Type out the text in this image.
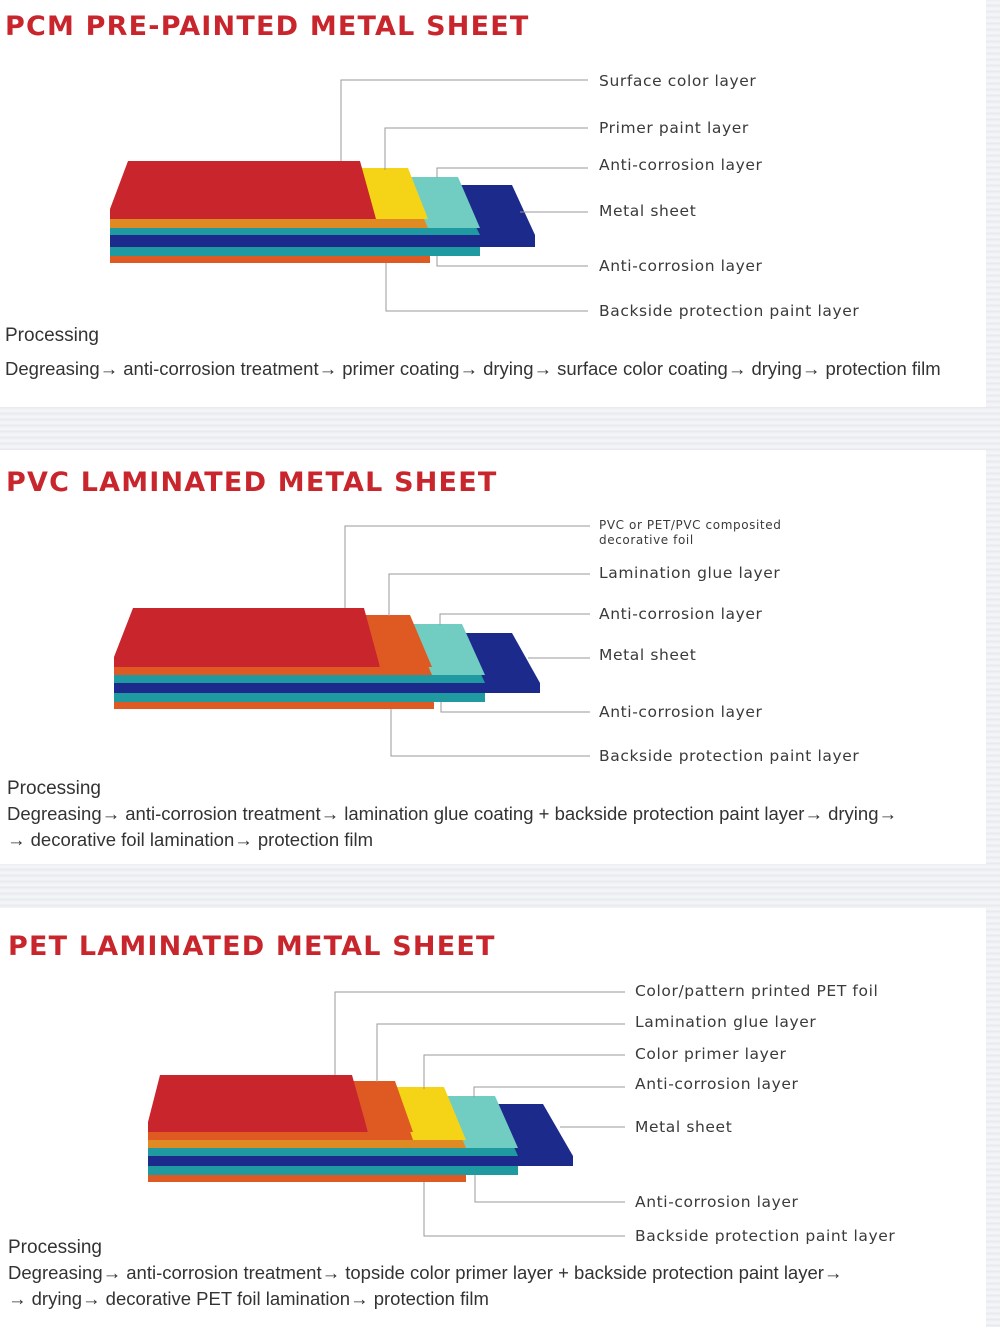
PCM PRE-PAINTED METAL SHEET
Surface color layer
Primer paint layer
Anti-corrosion layer
Metal sheet
Anti-corrosion layer
Backside protection paint layer

Processing

Degreasing→ anti-corrosion treatment→ primer coating→ drying→ surface color coating→ drying→ protection film

PVC LAMINATED METAL SHEET
PVC or PET/PVC composited decorative foil
Lamination glue layer
Anti-corrosion layer
Metal sheet
Anti-corrosion layer
Backside protection paint layer

Processing

Degreasing→ anti-corrosion treatment→ lamination glue coating + backside protection paint layer→ drying→

→ decorative foil lamination→ protection film

PET LAMINATED METAL SHEET
Color/pattern printed PET foil
Lamination glue layer
Color primer layer
Anti-corrosion layer
Metal sheet
Anti-corrosion layer
Backside protection paint layer

Processing

Degreasing→ anti-corrosion treatment→ topside color primer layer + backside protection paint layer→

→ drying→ decorative PET foil lamination→ protection film
